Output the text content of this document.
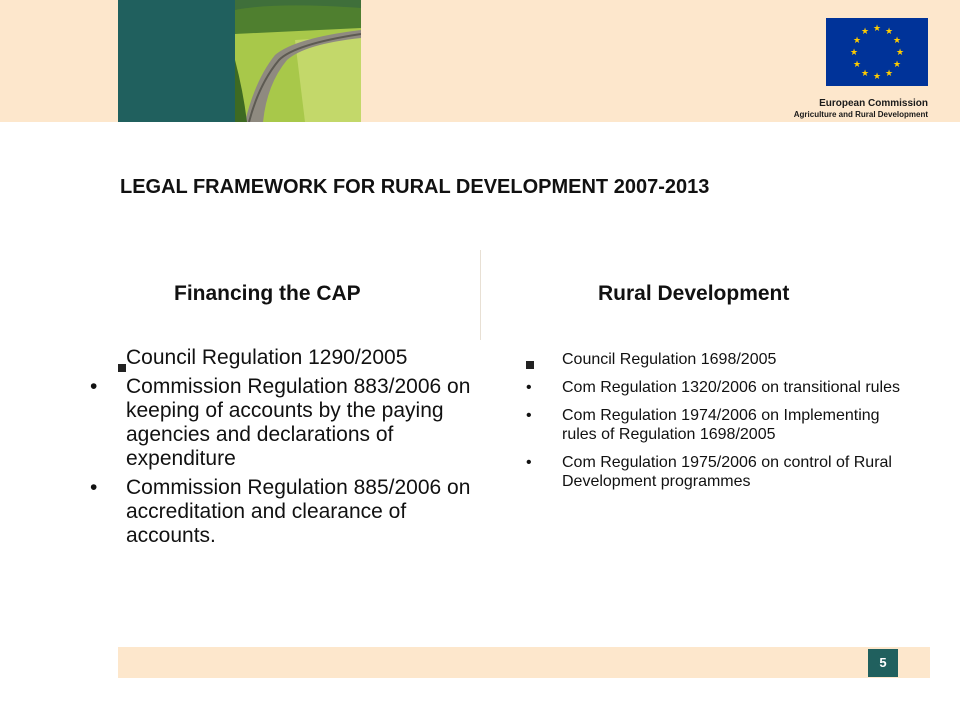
★ ★
★
★
★
★
★
★
★
★
★
★
European Commission
Agriculture and Rural Development
LEGAL FRAMEWORK FOR RURAL DEVELOPMENT 2007-2013
Financing the CAP
Council Regulation 1290/2005
•	Commission Regulation 883/2006 on keeping of accounts by the paying agencies and declarations of expenditure
•	Commission Regulation 885/2006 on accreditation and clearance of accounts.
Rural Development
Council Regulation 1698/2005
•	Com Regulation 1320/2006 on transitional rules
•	Com Regulation 1974/2006 on Implementing rules of Regulation 1698/2005
•	Com Regulation 1975/2006 on control of Rural Development programmes
5
